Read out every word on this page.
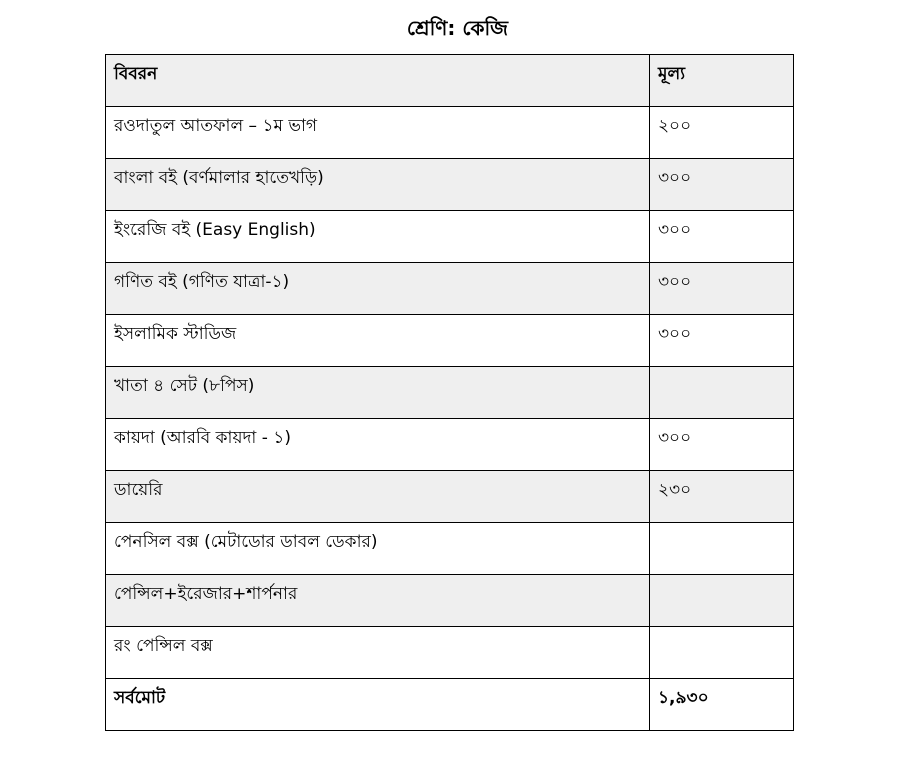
শ্রেণি: কেজি
বিবরন	মূল্য
রওদাতুল আতফাল – ১ম ভাগ	২০০
বাংলা বই (বর্ণমালার হাতেখড়ি)	৩০০
ইংরেজি বই (Easy English)	৩০০
গণিত বই (গণিত যাত্রা-১)	৩০০
ইসলামিক স্টাডিজ	৩০০
খাতা ৪ সেট (৮পিস)	
কায়দা (আরবি কায়দা - ১)	৩০০
ডায়েরি	২৩০
পেনসিল বক্স (মেটাডোর ডাবল ডেকার)	
পেন্সিল+ইরেজার+শার্পনার	
রং পেন্সিল বক্স	
সর্বমোট	১,৯৩০
